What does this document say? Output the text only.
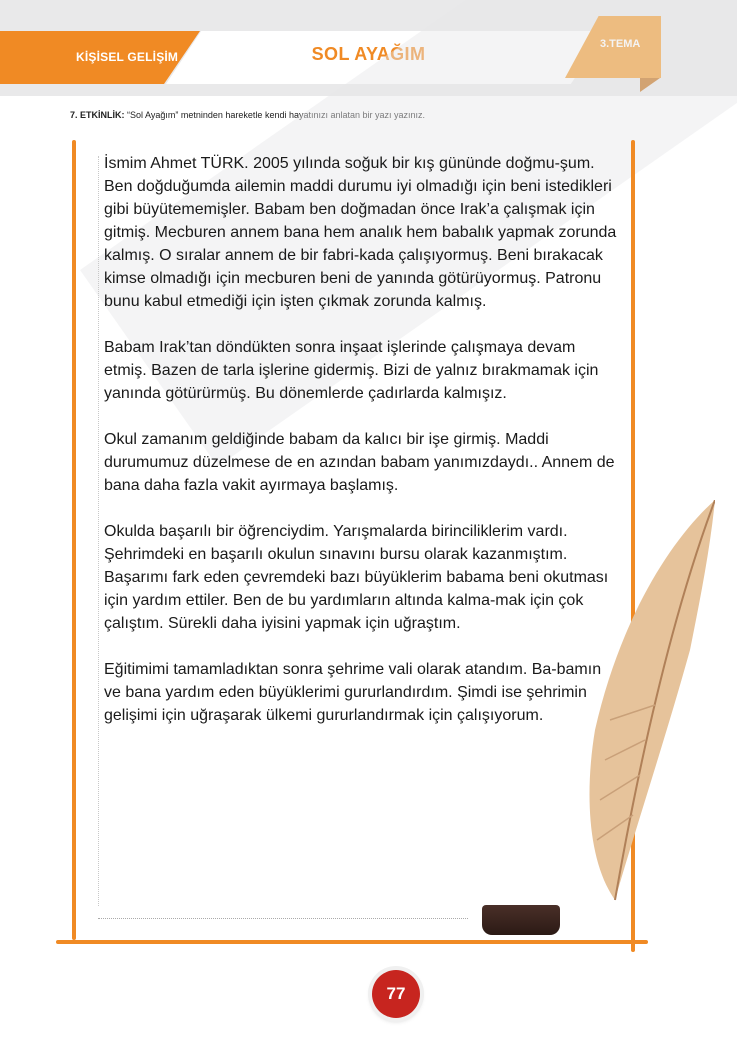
KİŞİSEL GELİŞİM	SOL AYAĞIM	3.TEMA
7. ETKİNLİK: “Sol Ayağım” metninden hareketle kendi hayatınızı anlatan bir yazı yazınız.

İsmim Ahmet TÜRK. 2005 yılında soğuk bir kış gününde doğmu-şum. Ben doğduğumda ailemin maddi durumu iyi olmadığı için beni istedikleri gibi büyütememişler. Babam ben doğmadan önce Irak’a çalışmak için gitmiş. Mecburen annem bana hem analık hem babalık yapmak zorunda kalmış. O sıralar annem de bir fabri-kada çalışıyormuş. Beni bırakacak kimse olmadığı için mecburen beni de yanında götürüyormuş. Patronu bunu kabul etmediği için işten çıkmak zorunda kalmış.

Babam Irak’tan döndükten sonra inşaat işlerinde çalışmaya devam etmiş. Bazen de tarla işlerine gidermiş. Bizi de yalnız bırakmamak için yanında götürürmüş. Bu dönemlerde çadırlarda kalmışız.

Okul zamanım geldiğinde babam da kalıcı bir işe girmiş. Maddi durumumuz düzelmese de en azından babam yanımızdaydı.. Annem de bana daha fazla vakit ayırmaya başlamış.

Okulda başarılı bir öğrenciydim. Yarışmalarda birinciliklerim vardı. Şehrimdeki en başarılı okulun sınavını bursu olarak kazanmıştım. Başarımı fark eden çevremdeki bazı büyüklerim babama beni okutması için yardım ettiler. Ben de bu yardımların altında kalma-mak için çok çalıştım. Sürekli daha iyisini yapmak için uğraştım.

Eğitimimi tamamladıktan sonra şehrime vali olarak atandım. Ba-bamın ve bana yardım eden büyüklerimi gururlandırdım. Şimdi ise şehrimin gelişimi için uğraşarak ülkemi gururlandırmak için çalışıyorum.

77
